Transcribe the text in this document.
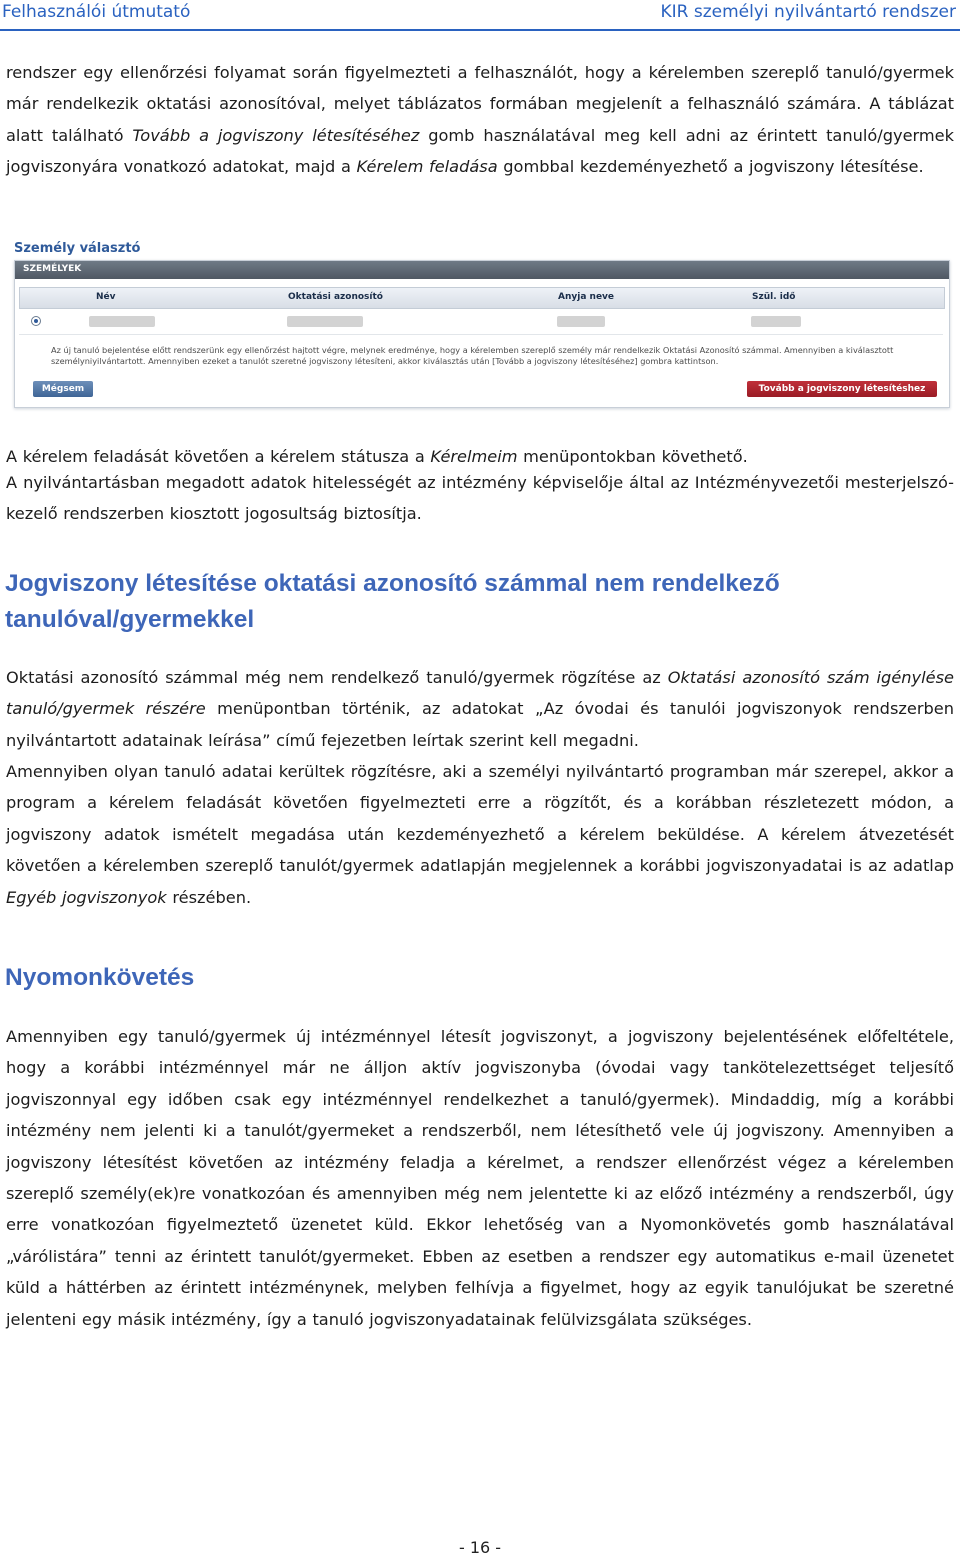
Felhasználói útmutató	KIR személyi nyilvántartó rendszer

rendszer egy ellenőrzési folyamat során figyelmezteti a felhasználót, hogy a kérelemben szereplő tanuló/gyermek már rendelkezik oktatási azonosítóval, melyet táblázatos formában megjelenít a felhasználó számára. A táblázat alatt található Tovább a jogviszony létesítéséhez gomb használatával meg kell adni az érintett tanuló/gyermek jogviszonyára vonatkozó adatokat, majd a Kérelem feladása gombbal kezdeményezhető a jogviszony létesítése.

Személy választó
SZEMÉLYEK
Név	Oktatási azonosító	Anyja neve	Szül. idő
Az új tanuló bejelentése előtt rendszerünk egy ellenőrzést hajtott végre, melynek eredménye, hogy a kérelemben szereplő személy már rendelkezik Oktatási Azonosító számmal. Amennyiben a kiválasztott
személyniyilvántartott. Amennyiben ezeket a tanulót szeretné jogviszony létesíteni, akkor kiválasztás után [Tovább a jogviszony létesítéséhez] gombra kattintson.
Mégsem	Tovább a jogviszony létesítéshez

A kérelem feladását követően a kérelem státusza a Kérelmeim menüpontokban követhető.

A nyilvántartásban megadott adatok hitelességét az intézmény képviselője által az Intézményvezetői mesterjelszó-kezelő rendszerben kiosztott jogosultság biztosítja.

Jogviszony létesítése oktatási azonosító számmal nem rendelkező tanulóval/gyermekkel

Oktatási azonosító számmal még nem rendelkező tanuló/gyermek rögzítése az Oktatási azonosító szám igénylése tanuló/gyermek részére menüpontban történik, az adatokat „Az óvodai és tanulói jogviszonyok rendszerben nyilvántartott adatainak leírása” című fejezetben leírtak szerint kell megadni.

Amennyiben olyan tanuló adatai kerültek rögzítésre, aki a személyi nyilvántartó programban már szerepel, akkor a program a kérelem feladását követően figyelmezteti erre a rögzítőt, és a korábban részletezett módon, a jogviszony adatok ismételt megadása után kezdeményezhető a kérelem beküldése. A kérelem átvezetését követően a kérelemben szereplő tanulót/gyermek adatlapján megjelennek a korábbi jogviszonyadatai is az adatlap Egyéb jogviszonyok részében.

Nyomonkövetés

Amennyiben egy tanuló/gyermek új intézménnyel létesít jogviszonyt, a jogviszony bejelentésének előfeltétele, hogy a korábbi intézménnyel már ne álljon aktív jogviszonyba (óvodai vagy tankötelezettséget teljesítő jogviszonnyal egy időben csak egy intézménnyel rendelkezhet a tanuló/gyermek). Mindaddig, míg a korábbi intézmény nem jelenti ki a tanulót/gyermeket a rendszerből, nem létesíthető vele új jogviszony. Amennyiben a jogviszony létesítést követően az intézmény feladja a kérelmet, a rendszer ellenőrzést végez a kérelemben szereplő személy(ek)re vonatkozóan és amennyiben még nem jelentette ki az előző intézmény a rendszerből, úgy erre vonatkozóan figyelmeztető üzenetet küld. Ekkor lehetőség van a Nyomonkövetés gomb használatával „várólistára” tenni az érintett tanulót/gyermeket. Ebben az esetben a rendszer egy automatikus e-mail üzenetet küld a háttérben az érintett intézménynek, melyben felhívja a figyelmet, hogy az egyik tanulójukat be szeretné jelenteni egy másik intézmény, így a tanuló jogviszonyadatainak felülvizsgálata szükséges.

- 16 -
